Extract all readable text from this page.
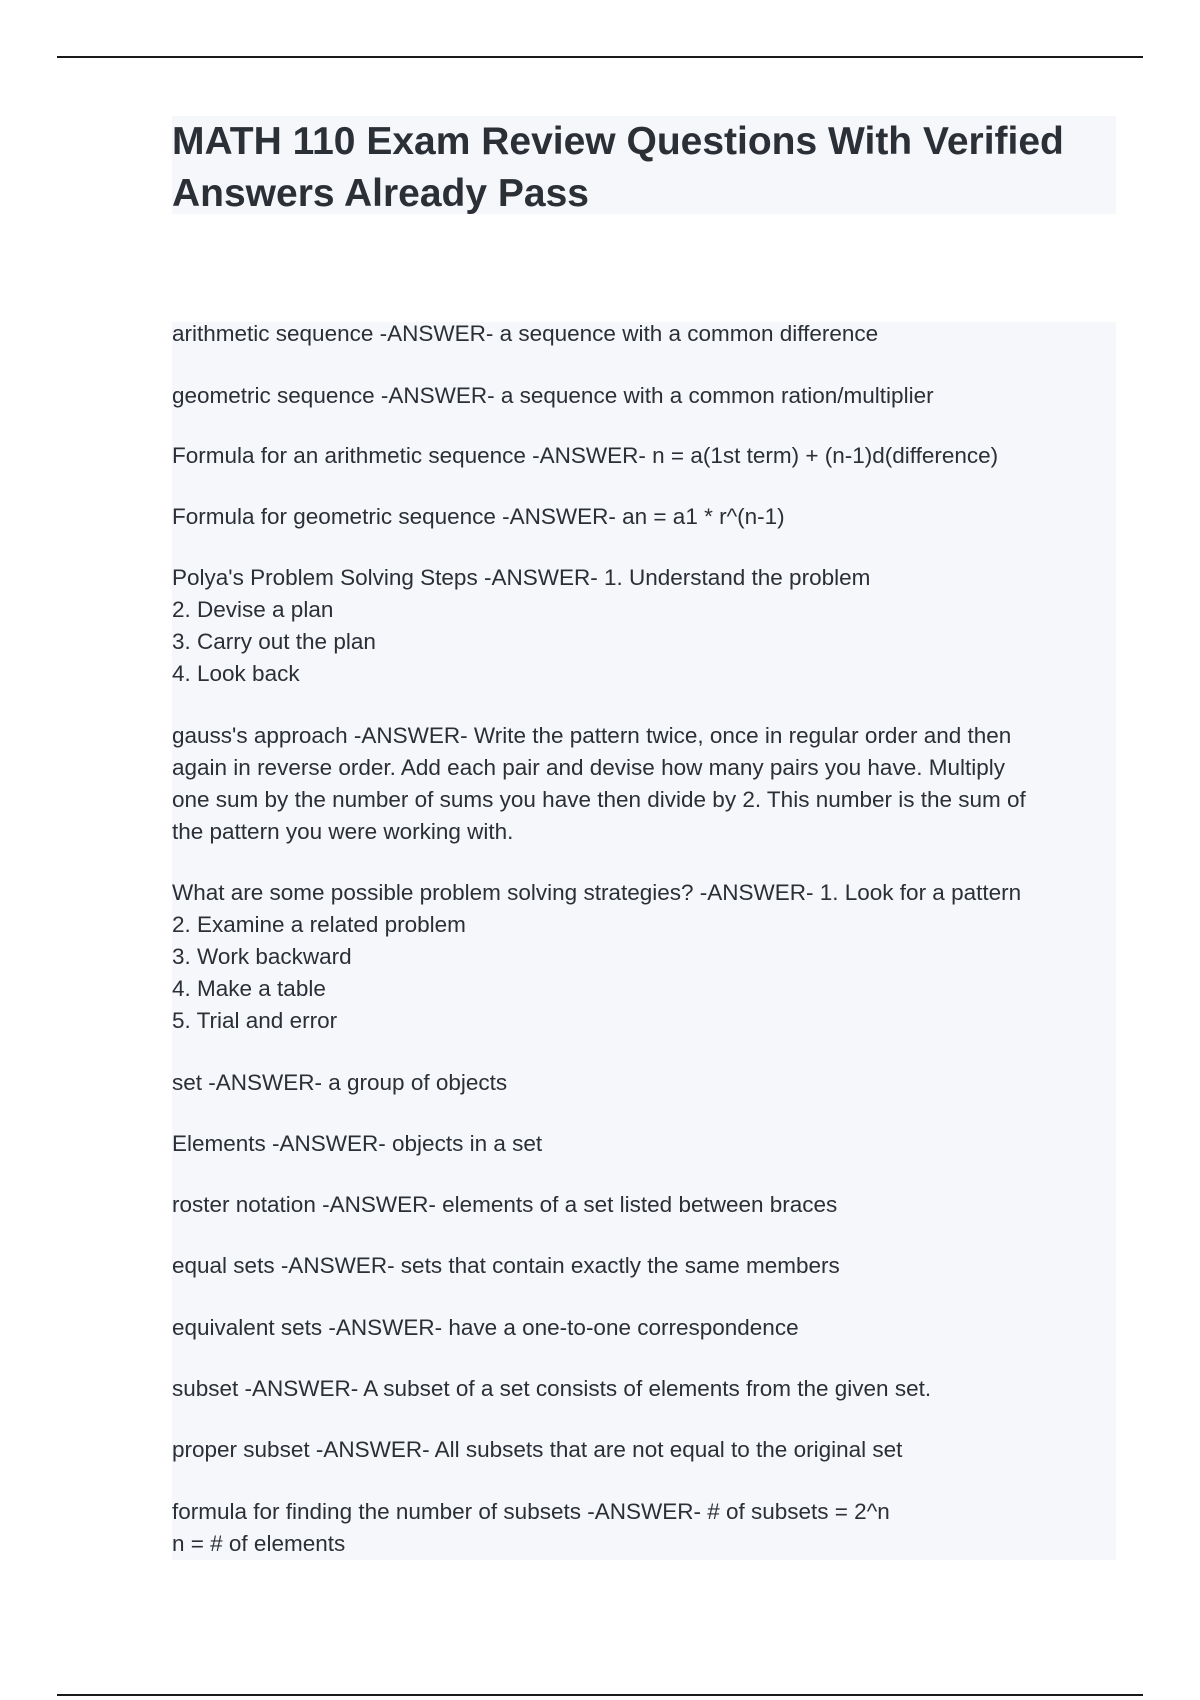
MATH 110 Exam Review Questions With Verified
Answers Already Pass

arithmetic sequence -ANSWER- a sequence with a common difference

geometric sequence -ANSWER- a sequence with a common ration/multiplier

Formula for an arithmetic sequence -ANSWER- n = a(1st term) + (n-1)d(difference)

Formula for geometric sequence -ANSWER- an = a1 * r^(n-1)

Polya's Problem Solving Steps -ANSWER- 1. Understand the problem
2. Devise a plan
3. Carry out the plan
4. Look back

gauss's approach -ANSWER- Write the pattern twice, once in regular order and then
again in reverse order. Add each pair and devise how many pairs you have. Multiply
one sum by the number of sums you have then divide by 2. This number is the sum of
the pattern you were working with.

What are some possible problem solving strategies? -ANSWER- 1. Look for a pattern
2. Examine a related problem
3. Work backward
4. Make a table
5. Trial and error

set -ANSWER- a group of objects

Elements -ANSWER- objects in a set

roster notation -ANSWER- elements of a set listed between braces

equal sets -ANSWER- sets that contain exactly the same members

equivalent sets -ANSWER- have a one-to-one correspondence

subset -ANSWER- A subset of a set consists of elements from the given set.

proper subset -ANSWER- All subsets that are not equal to the original set

formula for finding the number of subsets -ANSWER- # of subsets = 2^n
n = # of elements
